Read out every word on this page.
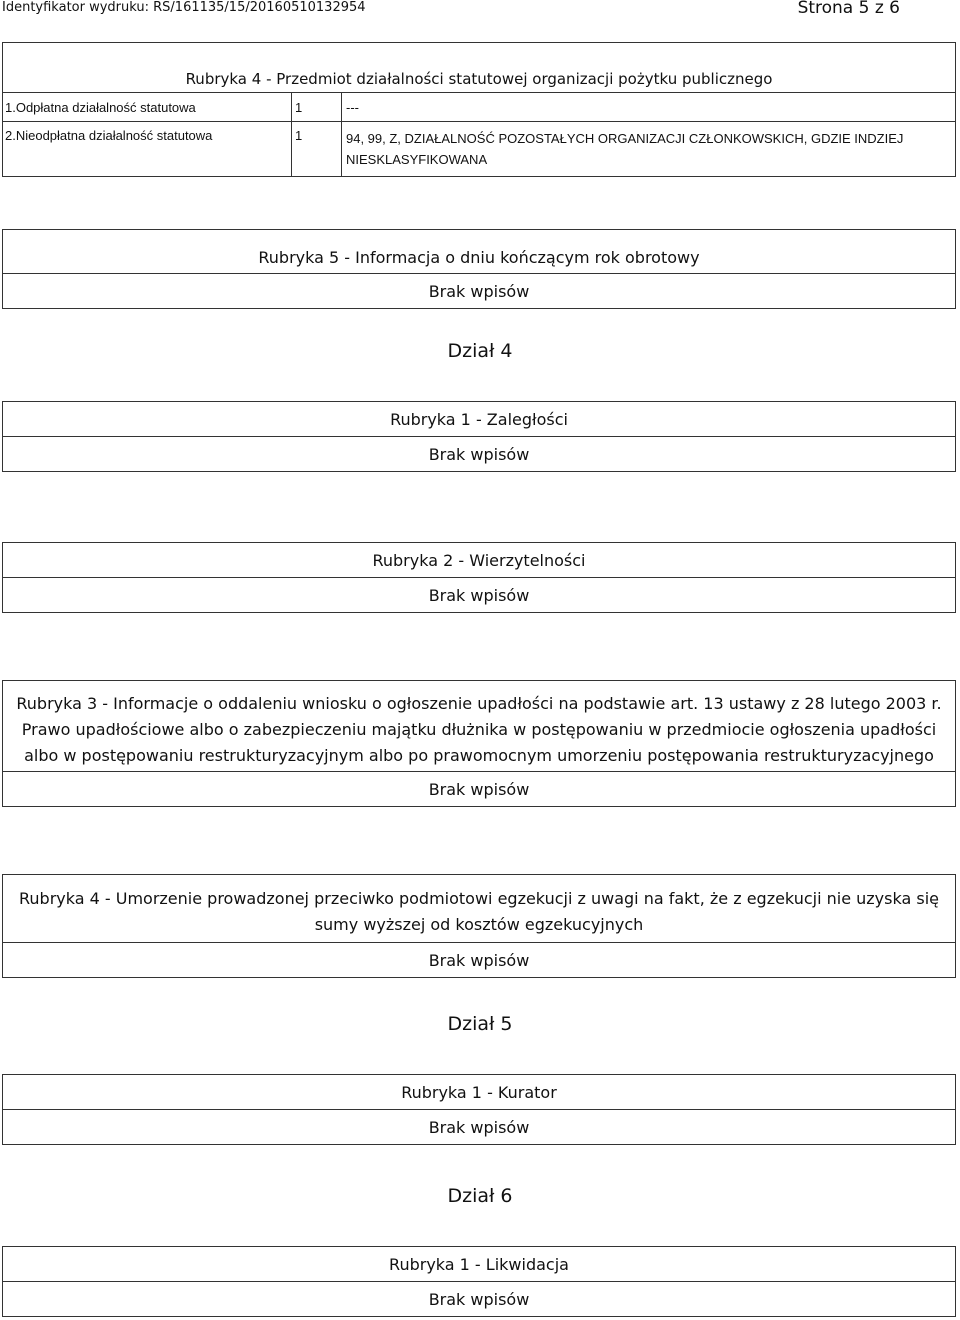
Identyfikator wydruku: RS/161135/15/20160510132954	Strona 5 z 6
Rubryka 4 - Przedmiot działalności statutowej organizacji pożytku publicznego		
1.Odpłatna działalność statutowa	1	---
2.Nieodpłatna działalność statutowa	1	94, 99, Z, DZIAŁALNOŚĆ POZOSTAŁYCH ORGANIZACJI CZŁONKOWSKICH, GDZIE INDZIEJ NIESKLASYFIKOWANA
Rubryka 5 - Informacja o dniu kończącym rok obrotowy
Brak wpisów
Dział 4
Rubryka 1 - Zaległości
Brak wpisów
Rubryka 2 - Wierzytelności
Brak wpisów
Rubryka 3 - Informacje o oddaleniu wniosku o ogłoszenie upadłości na podstawie art. 13 ustawy z 28 lutego 2003 r. Prawo upadłościowe albo o zabezpieczeniu majątku dłużnika w postępowaniu w przedmiocie ogłoszenia upadłości albo w postępowaniu restrukturyzacyjnym albo po prawomocnym umorzeniu postępowania restrukturyzacyjnego
Brak wpisów
Rubryka 4 - Umorzenie prowadzonej przeciwko podmiotowi egzekucji z uwagi na fakt, że z egzekucji nie uzyska się sumy wyższej od kosztów egzekucyjnych
Brak wpisów
Dział 5
Rubryka 1 - Kurator
Brak wpisów
Dział 6
Rubryka 1 - Likwidacja
Brak wpisów
